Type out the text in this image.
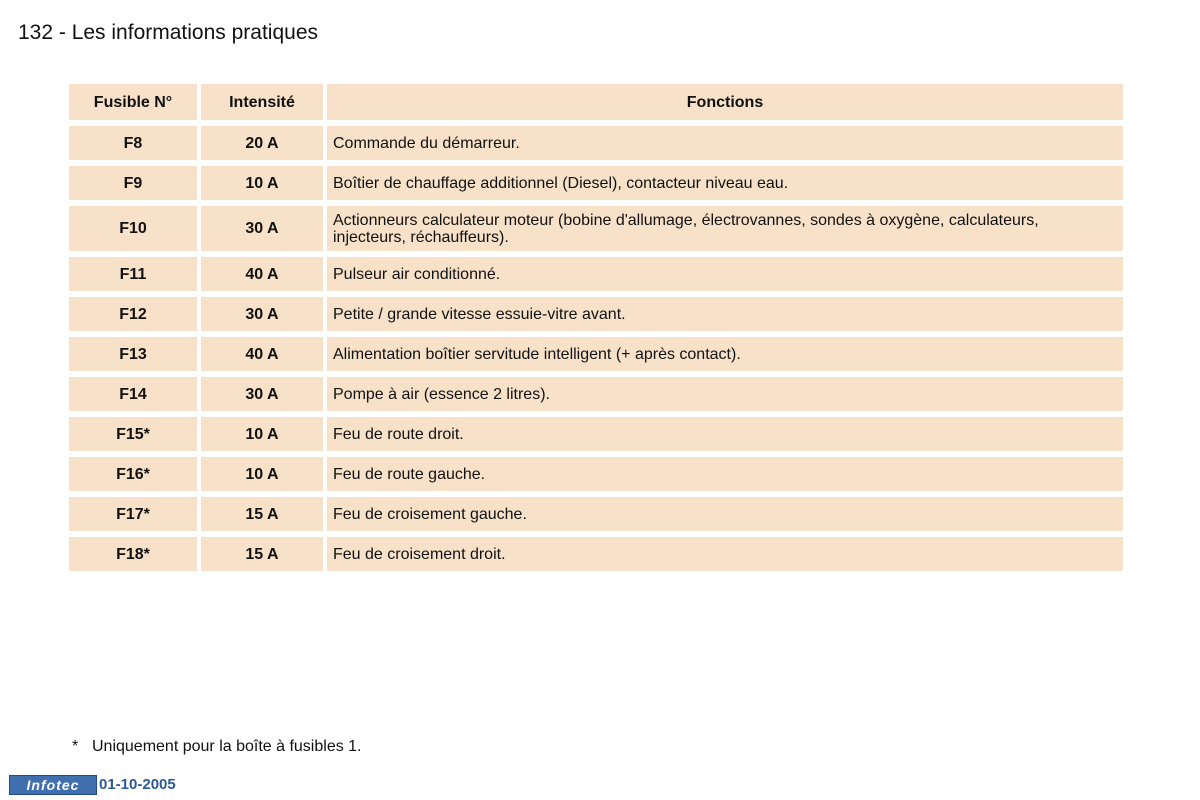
132 - Les informations pratiques
Fusible N°	Intensité	Fonctions
F8	20 A	Commande du démarreur.
F9	10 A	Boîtier de chauffage additionnel (Diesel), contacteur niveau eau.
F10	30 A	Actionneurs calculateur moteur (bobine d'allumage, électrovannes, sondes à oxygène, calculateurs, injecteurs, réchauffeurs).
F11	40 A	Pulseur air conditionné.
F12	30 A	Petite / grande vitesse essuie-vitre avant.
F13	40 A	Alimentation boîtier servitude intelligent (+ après contact).
F14	30 A	Pompe à air (essence 2 litres).
F15*	10 A	Feu de route droit.
F16*	10 A	Feu de route gauche.
F17*	15 A	Feu de croisement gauche.
F18*	15 A	Feu de croisement droit.
* Uniquement pour la boîte à fusibles 1.
Infotec	01-10-2005
